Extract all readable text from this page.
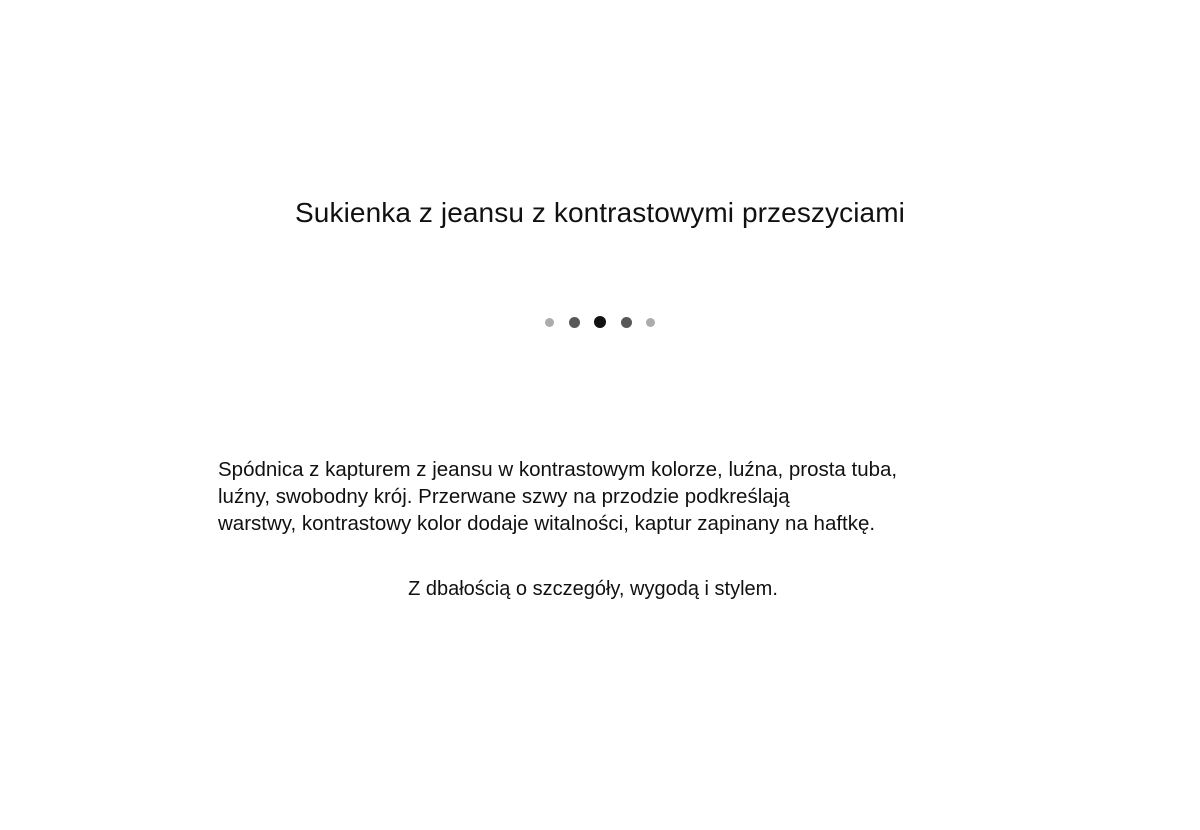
Sukienka z jeansu z kontrastowymi przeszyciami

Spódnica z kapturem z jeansu w kontrastowym kolorze, luźna, prosta tuba,
luźny, swobodny krój. Przerwane szwy na przodzie podkreślają
warstwy, kontrastowy kolor dodaje witalności, kaptur zapinany na haftkę.

Z dbałością o szczegóły, wygodą i stylem.
